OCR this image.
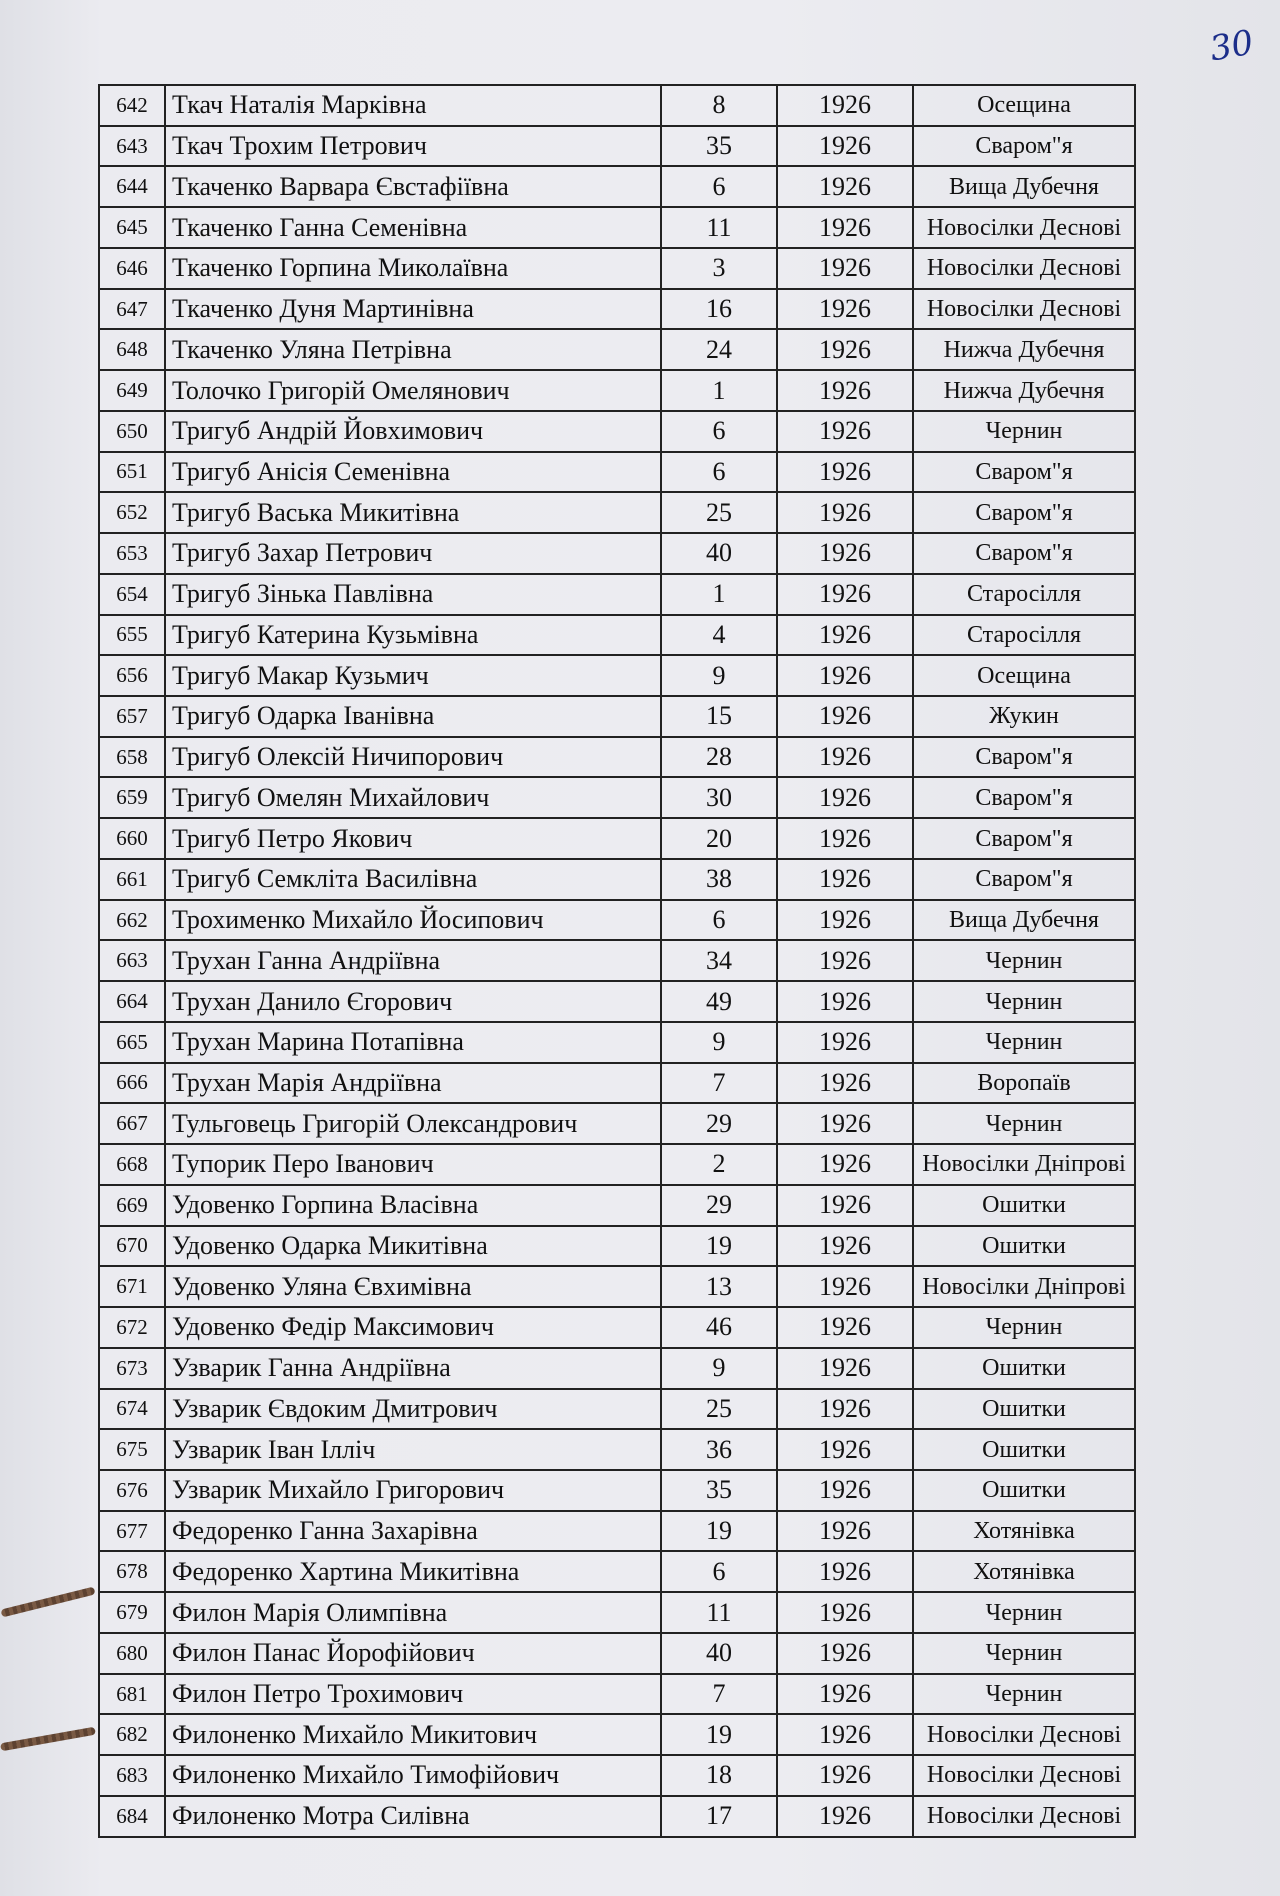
30
642	Ткач Наталія Марківна	8	1926	Осещина
643	Ткач Трохим Петрович	35	1926	Сваром"я
644	Ткаченко Варвара Євстафіївна	6	1926	Вища Дубечня
645	Ткаченко Ганна Семенівна	11	1926	Новосілки Деснові
646	Ткаченко Горпина Миколаївна	3	1926	Новосілки Деснові
647	Ткаченко Дуня Мартинівна	16	1926	Новосілки Деснові
648	Ткаченко Уляна Петрівна	24	1926	Нижча Дубечня
649	Толочко Григорій Омелянович	1	1926	Нижча Дубечня
650	Тригуб Андрій Йовхимович	6	1926	Чернин
651	Тригуб Анісія Семенівна	6	1926	Сваром"я
652	Тригуб Васька Микитівна	25	1926	Сваром"я
653	Тригуб Захар Петрович	40	1926	Сваром"я
654	Тригуб Зінька Павлівна	1	1926	Старосілля
655	Тригуб Катерина Кузьмівна	4	1926	Старосілля
656	Тригуб Макар Кузьмич	9	1926	Осещина
657	Тригуб Одарка Іванівна	15	1926	Жукин
658	Тригуб Олексій Ничипорович	28	1926	Сваром"я
659	Тригуб Омелян Михайлович	30	1926	Сваром"я
660	Тригуб Петро Якович	20	1926	Сваром"я
661	Тригуб Семкліта Василівна	38	1926	Сваром"я
662	Трохименко Михайло Йосипович	6	1926	Вища Дубечня
663	Трухан Ганна Андріївна	34	1926	Чернин
664	Трухан Данило Єгорович	49	1926	Чернин
665	Трухан Марина Потапівна	9	1926	Чернин
666	Трухан Марія Андріївна	7	1926	Воропаїв
667	Тульговець Григорій Олександрович	29	1926	Чернин
668	Тупорик Перо Іванович	2	1926	Новосілки Дніпрові
669	Удовенко Горпина Власівна	29	1926	Ошитки
670	Удовенко Одарка Микитівна	19	1926	Ошитки
671	Удовенко Уляна Євхимівна	13	1926	Новосілки Дніпрові
672	Удовенко Федір Максимович	46	1926	Чернин
673	Узварик Ганна Андріївна	9	1926	Ошитки
674	Узварик Євдоким Дмитрович	25	1926	Ошитки
675	Узварик Іван Ілліч	36	1926	Ошитки
676	Узварик Михайло Григорович	35	1926	Ошитки
677	Федоренко Ганна Захарівна	19	1926	Хотянівка
678	Федоренко Хартина Микитівна	6	1926	Хотянівка
679	Филон Марія Олимпівна	11	1926	Чернин
680	Филон Панас Йорофійович	40	1926	Чернин
681	Филон Петро Трохимович	7	1926	Чернин
682	Филоненко Михайло Микитович	19	1926	Новосілки Деснові
683	Филоненко Михайло Тимофійович	18	1926	Новосілки Деснові
684	Филоненко Мотра Силівна	17	1926	Новосілки Деснові
